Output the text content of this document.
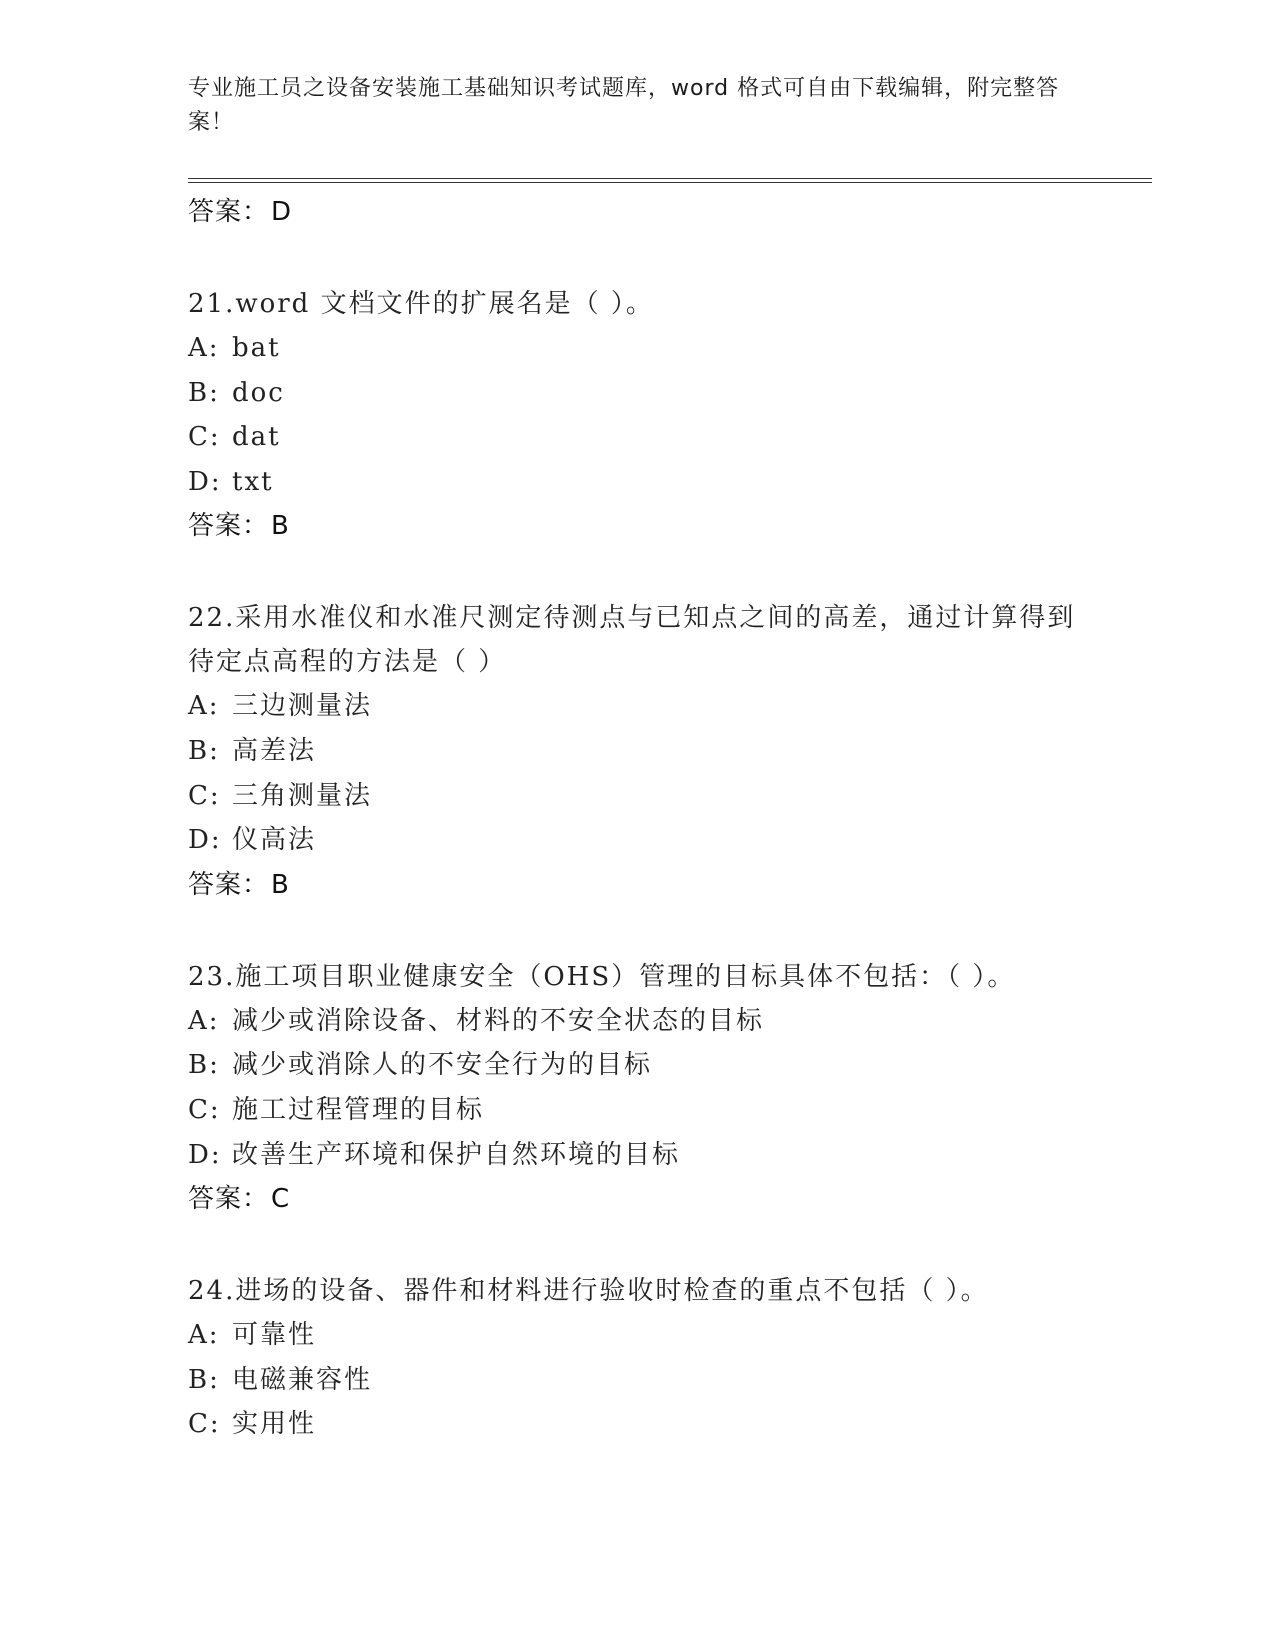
专业施工员之设备安装施工基础知识考试题库，word 格式可自由下载编辑，附完整答案！
答案：D
21.word 文档文件的扩展名是（ ）。
A: bat
B: doc
C: dat
D: txt
答案：B
22.采用水准仪和水准尺测定待测点与已知点之间的高差，通过计算得到待定点高程的方法是（ ）
A: 三边测量法
B: 高差法
C: 三角测量法
D: 仪高法
答案：B
23.施工项目职业健康安全（OHS）管理的目标具体不包括：（ ）。
A: 减少或消除设备、材料的不安全状态的目标
B: 减少或消除人的不安全行为的目标
C: 施工过程管理的目标
D: 改善生产环境和保护自然环境的目标
答案：C
24.进场的设备、器件和材料进行验收时检查的重点不包括（ ）。
A: 可靠性
B: 电磁兼容性
C: 实用性
